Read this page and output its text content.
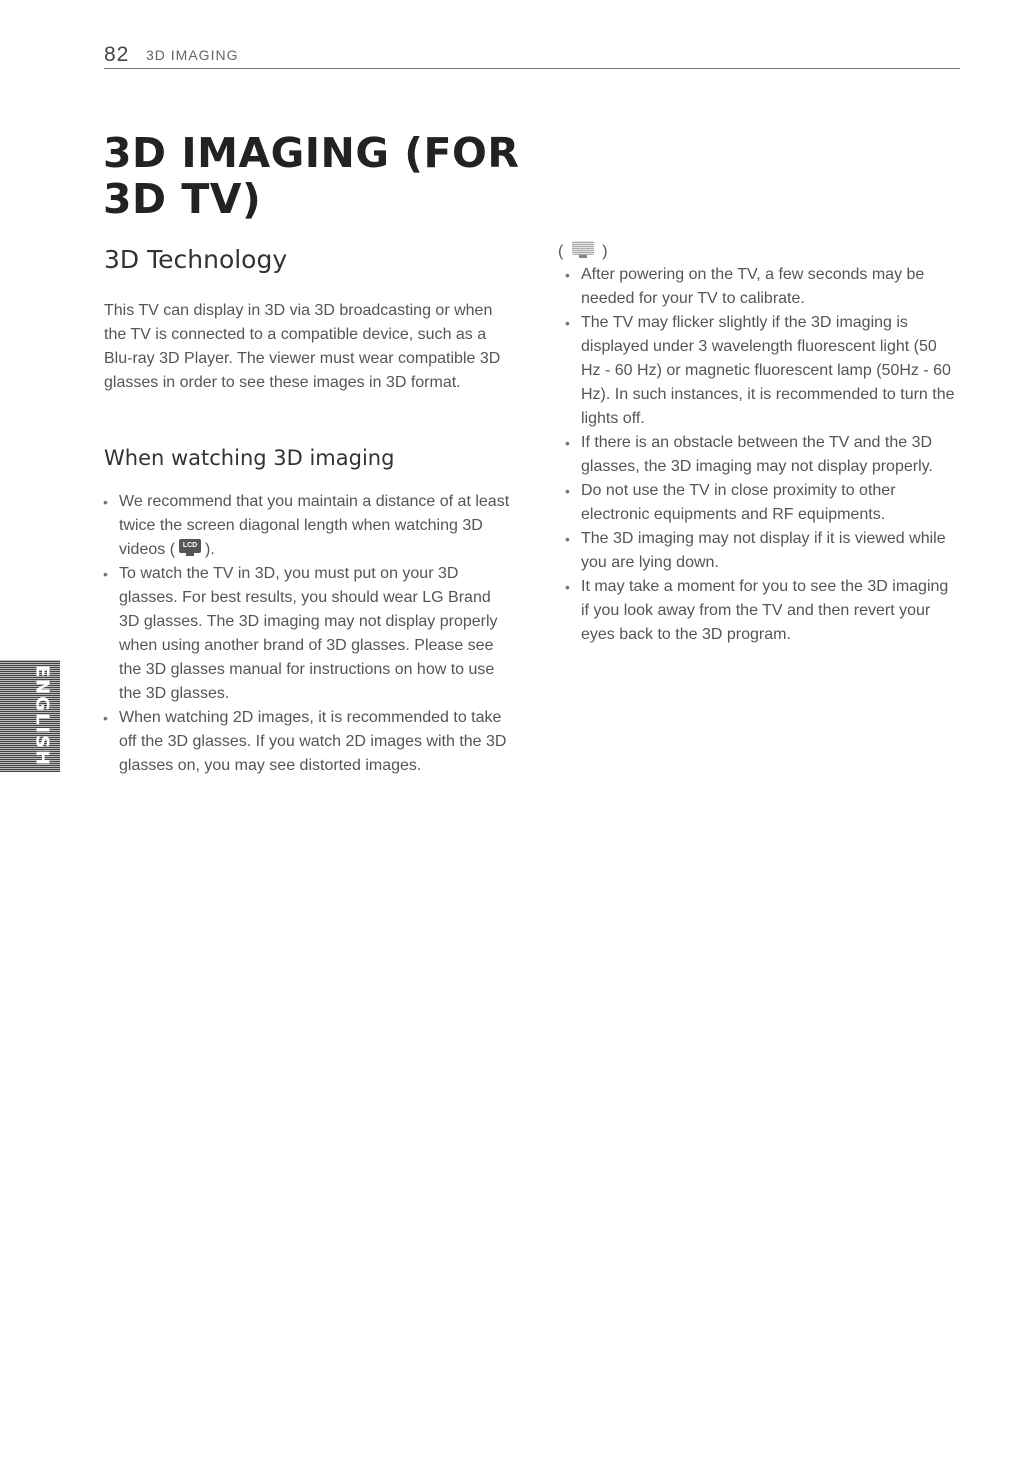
82 3D IMAGING
3D IMAGING (FOR 3D TV)
3D Technology

This TV can display in 3D via 3D broadcasting or when the TV is connected to a compatible device, such as a Blu-ray 3D Player. The viewer must wear compatible 3D glasses in order to see these images in 3D format.

When watching 3D imaging
• We recommend that you maintain a distance of at least twice the screen diagonal length when watching 3D videos (	LCD ).
• To watch the TV in 3D, you must put on your 3D glasses. For best results, you should wear LG Brand 3D glasses. The 3D imaging may not display properly when using another brand of 3D glasses. Please see the 3D glasses manual for instructions on how to use the 3D glasses.
• When watching 2D images, it is recommended to take off the 3D glasses. If you watch 2D images with the 3D glasses on, you may see distorted images.
( )
• After powering on the TV, a few seconds may be needed for your TV to calibrate.
• The TV may flicker slightly if the 3D imaging is displayed under 3 wavelength fluorescent light (50 Hz - 60 Hz) or magnetic fluorescent lamp (50Hz - 60 Hz). In such instances, it is recommended to turn the lights off.
• If there is an obstacle between the TV and the 3D glasses, the 3D imaging may not display properly.
• Do not use the TV in close proximity to other electronic equipments and RF equipments.
• The 3D imaging may not display if it is viewed while you are lying down.
• It may take a moment for you to see the 3D imaging if you look away from the TV and then revert your eyes back to the 3D program.
ENGLISH
